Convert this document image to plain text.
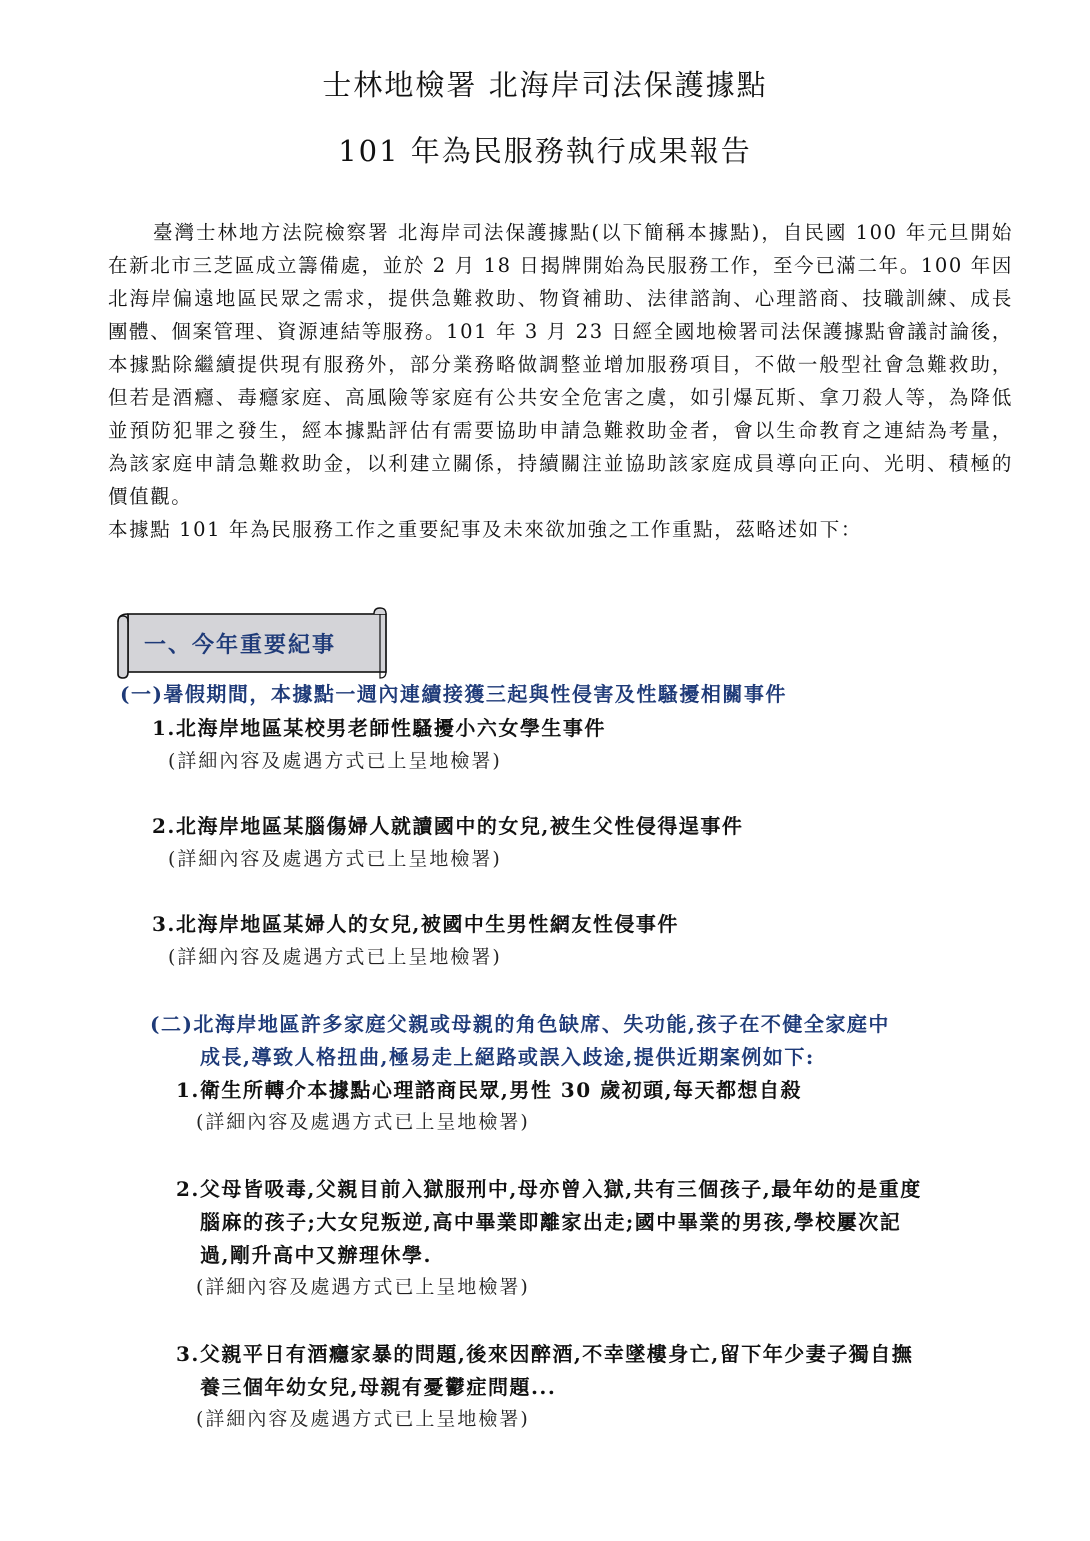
士林地檢署 北海岸司法保護據點
101 年為民服務執行成果報告
臺灣士林地方法院檢察署 北海岸司法保護據點(以下簡稱本據點)，自民國 100 年元旦開始在新北市三芝區成立籌備處，並於 2 月 18 日揭牌開始為民服務工作，至今已滿二年。100 年因北海岸偏遠地區民眾之需求，提供急難救助、物資補助、法律諮詢、心理諮商、技職訓練、成長團體、個案管理、資源連結等服務。101 年 3 月 23 日經全國地檢署司法保護據點會議討論後，本據點除繼續提供現有服務外，部分業務略做調整並增加服務項目，不做一般型社會急難救助，但若是酒癮、毒癮家庭、高風險等家庭有公共安全危害之虞，如引爆瓦斯、拿刀殺人等，為降低並預防犯罪之發生，經本據點評估有需要協助申請急難救助金者，會以生命教育之連結為考量，為該家庭申請急難救助金，以利建立關係，持續關注並協助該家庭成員導向正向、光明、積極的價值觀。
本據點 101 年為民服務工作之重要紀事及未來欲加強之工作重點，茲略述如下：
一、今年重要紀事
(一)暑假期間，本據點一週內連續接獲三起與性侵害及性騷擾相關事件
1.北海岸地區某校男老師性騷擾小六女學生事件
(詳細內容及處遇方式已上呈地檢署)
2.北海岸地區某腦傷婦人就讀國中的女兒,被生父性侵得逞事件
(詳細內容及處遇方式已上呈地檢署)
3.北海岸地區某婦人的女兒,被國中生男性網友性侵事件
(詳細內容及處遇方式已上呈地檢署)
(二)北海岸地區許多家庭父親或母親的角色缺席、失功能,孩子在不健全家庭中
成長,導致人格扭曲,極易走上絕路或誤入歧途,提供近期案例如下:
1.衛生所轉介本據點心理諮商民眾,男性 30 歲初頭,每天都想自殺
(詳細內容及處遇方式已上呈地檢署)
2.父母皆吸毒,父親目前入獄服刑中,母亦曾入獄,共有三個孩子,最年幼的是重度
腦麻的孩子;大女兒叛逆,高中畢業即離家出走;國中畢業的男孩,學校屢次記
過,剛升高中又辦理休學.
(詳細內容及處遇方式已上呈地檢署)
3.父親平日有酒癮家暴的問題,後來因醉酒,不幸墜樓身亡,留下年少妻子獨自撫
養三個年幼女兒,母親有憂鬱症問題...
(詳細內容及處遇方式已上呈地檢署)
